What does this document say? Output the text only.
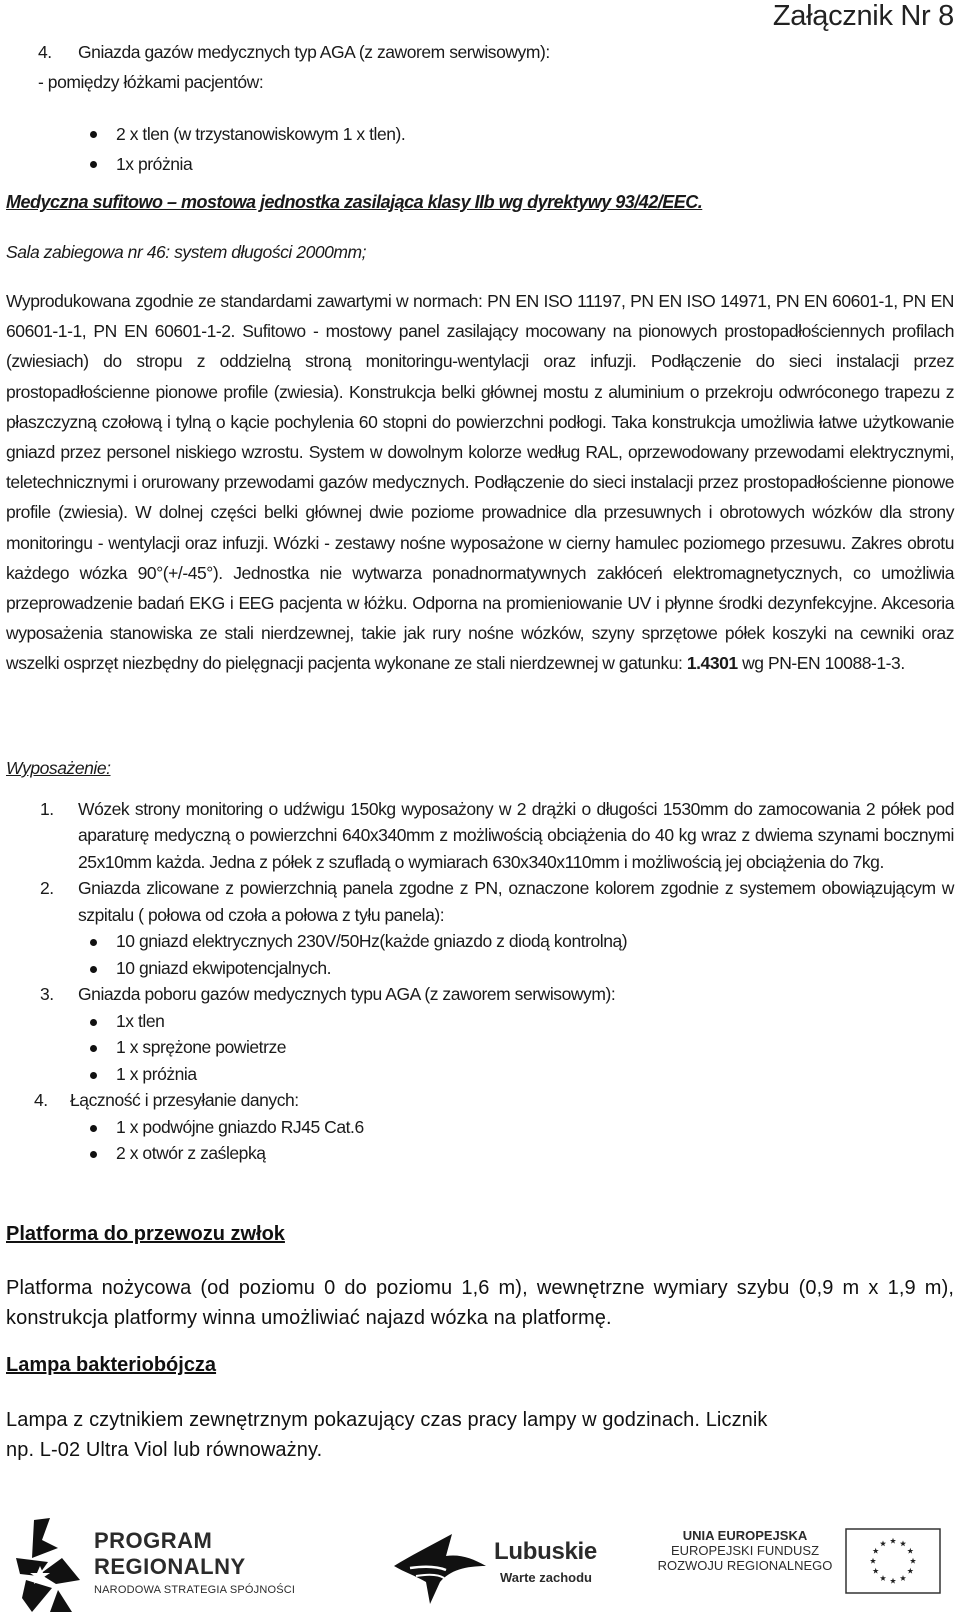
Załącznik Nr 8
4.	Gniazda gazów medycznych typ AGA (z zaworem serwisowym):
- pomiędzy łóżkami pacjentów:
2 x tlen (w trzystanowiskowym 1 x tlen).
1x próżnia
Medyczna sufitowo – mostowa jednostka zasilająca klasy IIb wg dyrektywy 93/42/EEC.
Sala zabiegowa nr 46: system długości 2000mm;
Wyprodukowana zgodnie ze standardami zawartymi w normach: PN EN ISO 11197, PN EN ISO 14971, PN EN 60601-1, PN EN 60601-1-1, PN EN 60601-1-2. Sufitowo - mostowy panel zasilający mocowany na pionowych prostopadłościennych profilach (zwiesiach) do stropu z oddzielną stroną monitoringu-wentylacji oraz infuzji. Podłączenie do sieci instalacji przez prostopadłościenne pionowe profile (zwiesia). Konstrukcja belki głównej mostu z aluminium o przekroju odwróconego trapezu z płaszczyzną czołową i tylną o kącie pochylenia 60 stopni do powierzchni podłogi. Taka konstrukcja umożliwia łatwe użytkowanie gniazd przez personel niskiego wzrostu. System w dowolnym kolorze według RAL, oprzewodowany przewodami elektrycznymi, teletechnicznymi i orurowany przewodami gazów medycznych. Podłączenie do sieci instalacji przez prostopadłościenne pionowe profile (zwiesia). W dolnej części belki głównej dwie poziome prowadnice dla przesuwnych i obrotowych wózków dla strony monitoringu - wentylacji oraz infuzji. Wózki - zestawy nośne wyposażone w cierny hamulec poziomego przesuwu. Zakres obrotu każdego wózka 90°(+/-45°). Jednostka nie wytwarza ponadnormatywnych zakłóceń elektromagnetycznych, co umożliwia przeprowadzenie badań EKG i EEG pacjenta w łóżku. Odporna na promieniowanie UV i płynne środki dezynfekcyjne. Akcesoria wyposażenia stanowiska ze stali nierdzewnej, takie jak rury nośne wózków, szyny sprzętowe półek koszyki na cewniki oraz wszelki osprzęt niezbędny do pielęgnacji pacjenta wykonane ze stali nierdzewnej w gatunku: 1.4301 wg PN-EN 10088-1-3.
Wyposażenie:
1. Wózek strony monitoring o udźwigu 150kg wyposażony w 2 drążki o długości 1530mm do zamocowania 2 półek pod aparaturę medyczną o powierzchni 640x340mm z możliwością obciążenia do 40 kg wraz z dwiema szynami bocznymi 25x10mm każda. Jedna z półek z szufladą o wymiarach 630x340x110mm i możliwością jej obciążenia do 7kg.
2. Gniazda zlicowane z powierzchnią panela zgodne z PN, oznaczone kolorem zgodnie z systemem obowiązującym w szpitalu ( połowa od czoła a połowa z tyłu panela):
10 gniazd elektrycznych 230V/50Hz(każde gniazdo z diodą kontrolną)
10 gniazd ekwipotencjalnych.
3. Gniazda poboru gazów medycznych typu AGA (z zaworem serwisowym):
1x tlen
1 x sprężone powietrze
1 x próżnia
4. Łączność i przesyłanie danych:
1 x podwójne gniazdo RJ45 Cat.6
2 x otwór z zaślepką
Platforma do przewozu zwłok
Platforma nożycowa (od poziomu 0 do poziomu 1,6 m), wewnętrzne wymiary szybu (0,9 m x 1,9 m), konstrukcja platformy winna umożliwiać najazd wózka na platformę.
Lampa bakteriobójcza
Lampa z czytnikiem zewnętrznym pokazujący czas pracy lampy w godzinach. Licznik
np. L-02 Ultra Viol lub równoważny.
PROGRAM
REGIONALNY
NARODOWA STRATEGIA SPÓJNOŚCI
Lubuskie
Warte zachodu
UNIA EUROPEJSKA
EUROPEJSKI FUNDUSZ
ROZWOJU REGIONALNEGO
